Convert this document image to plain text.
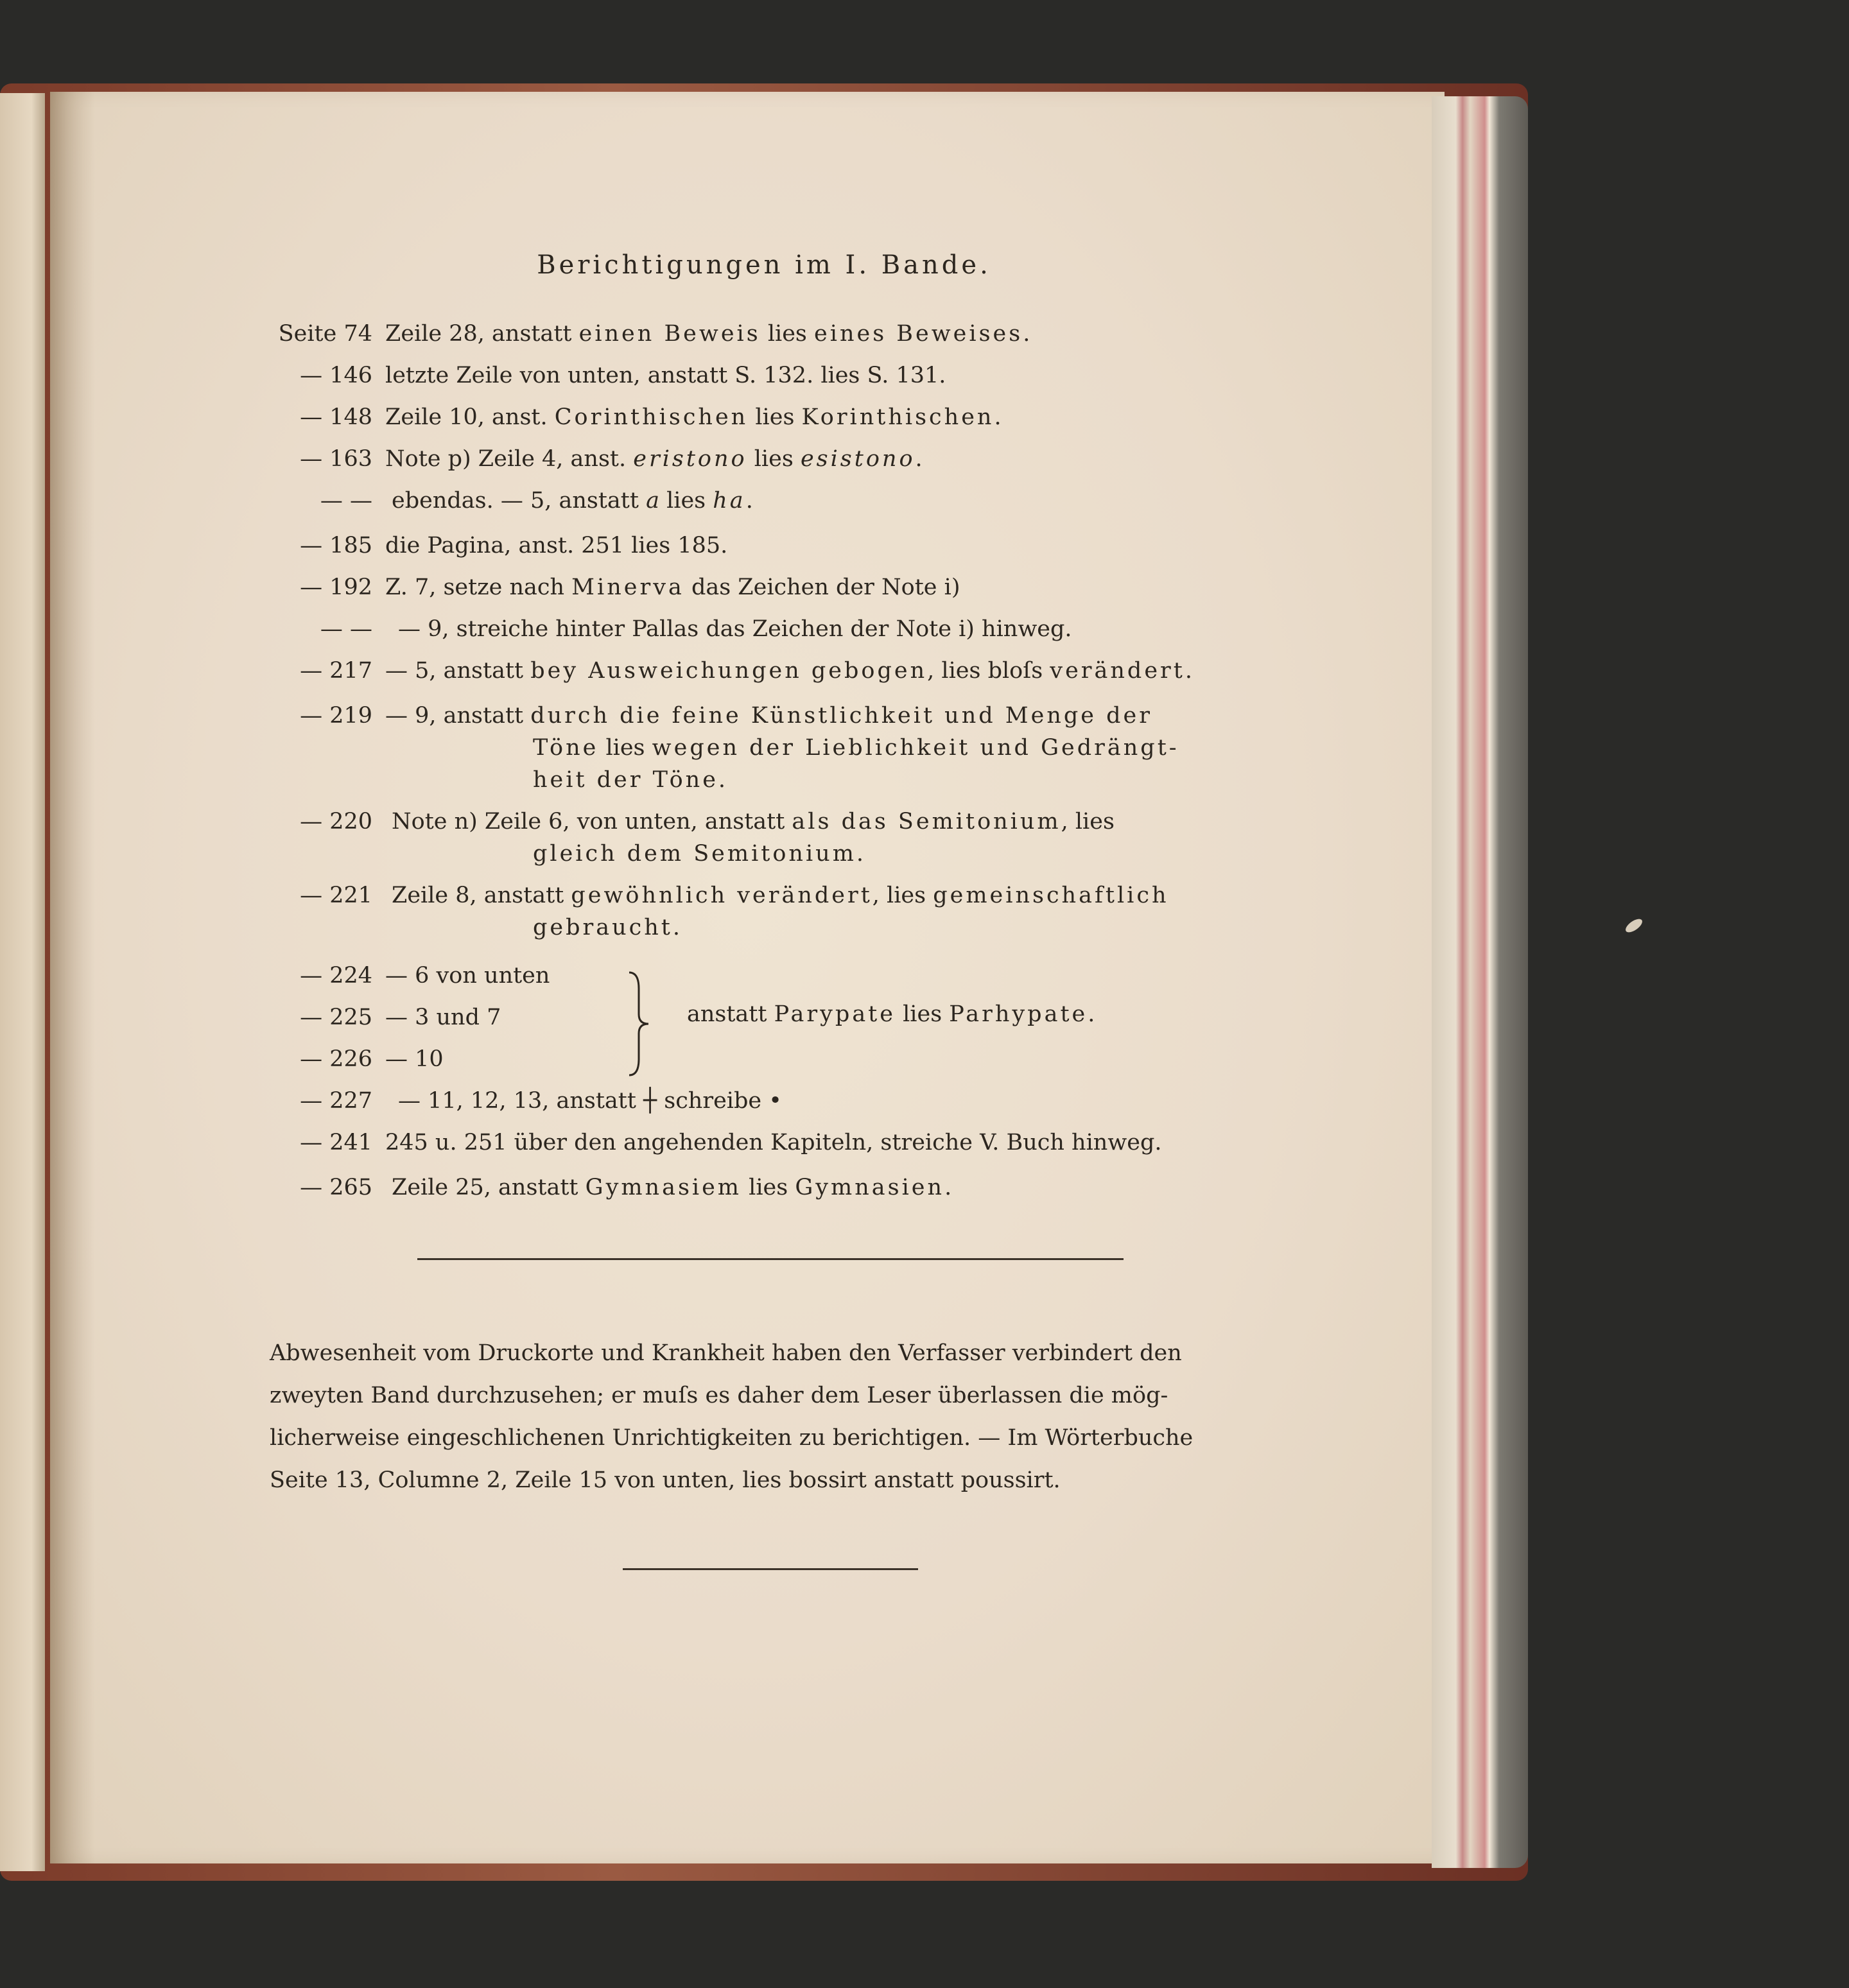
Berichtigungen im I. Bande.
Seite 74 Zeile 28, anstatt einen Beweis lies eines Beweises.
— 146 letzte Zeile von unten, anstatt S. 132. lies S. 131.
— 148 Zeile 10, anst. Corinthischen lies Korinthischen.
— 163 Note p) Zeile 4, anst. eristono lies esistono.
— — ebendas. — 5, anstatt a lies ha.
— 185 die Pagina, anst. 251 lies 185.
— 192 Z. 7, setze nach Minerva das Zeichen der Note i)
— — — 9, streiche hinter Pallas das Zeichen der Note i) hinweg.
— 217 — 5, anstatt bey Ausweichungen gebogen, lies bloſs verändert.
— 219 — 9, anstatt durch die feine Künstlichkeit und Menge der
Töne lies wegen der Lieblichkeit und Gedrängt-
heit der Töne.
— 220 Note n) Zeile 6, von unten, anstatt als das Semitonium, lies
gleich dem Semitonium.
— 221 Zeile 8, anstatt gewöhnlich verändert, lies gemeinschaftlich
gebraucht.
— 224 — 6 von unten
— 225 — 3 und 7
— 226 — 10
anstatt Parypate lies Parhypate.
— 227 — 11, 12, 13, anstatt ┼ schreibe •
— 241 245 u. 251 über den angehenden Kapiteln, streiche V. Buch hinweg.
— 265 Zeile 25, anstatt Gymnasiem lies Gymnasien.

Abwesenheit vom Druckorte und Krankheit haben den Verfasser verbindert den

zweyten Band durchzusehen; er muſs es daher dem Leser überlassen die mög-

licherweise eingeschlichenen Unrichtigkeiten zu berichtigen. — Im Wörterbuche

Seite 13, Columne 2, Zeile 15 von unten, lies bossirt anstatt poussirt.
